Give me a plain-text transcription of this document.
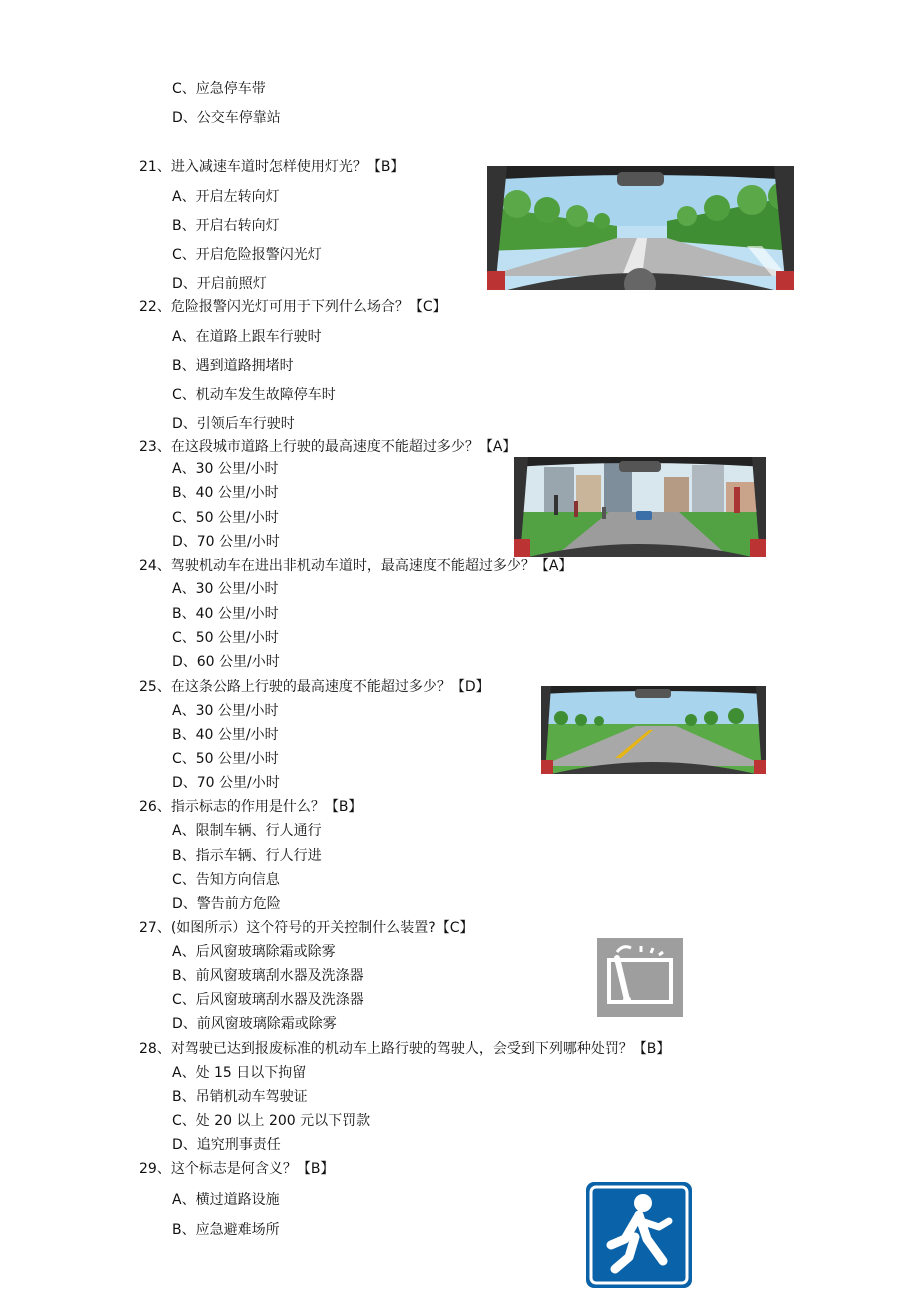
C、应急停车带
D、公交车停靠站
21、进入减速车道时怎样使用灯光？【B】
A、开启左转向灯
B、开启右转向灯
C、开启危险报警闪光灯
D、开启前照灯
22、危险报警闪光灯可用于下列什么场合？【C】
A、在道路上跟车行驶时
B、遇到道路拥堵时
C、机动车发生故障停车时
D、引领后车行驶时
23、在这段城市道路上行驶的最高速度不能超过多少？【A】
A、30 公里/小时
B、40 公里/小时
C、50 公里/小时
D、70 公里/小时
24、驾驶机动车在进出非机动车道时，最高速度不能超过多少？【A】
A、30 公里/小时
B、40 公里/小时
C、50 公里/小时
D、60 公里/小时
25、在这条公路上行驶的最高速度不能超过多少？【D】
A、30 公里/小时
B、40 公里/小时
C、50 公里/小时
D、70 公里/小时
26、指示标志的作用是什么？【B】
A、限制车辆、行人通行
B、指示车辆、行人行进
C、告知方向信息
D、警告前方危险
27、(如图所示）这个符号的开关控制什么装置?【C】
A、后风窗玻璃除霜或除雾
B、前风窗玻璃刮水器及洗涤器
C、后风窗玻璃刮水器及洗涤器
D、前风窗玻璃除霜或除雾
28、对驾驶已达到报废标准的机动车上路行驶的驾驶人，会受到下列哪种处罚？【B】
A、处 15 日以下拘留
B、吊销机动车驾驶证
C、处 20 以上 200 元以下罚款
D、追究刑事责任
29、这个标志是何含义？【B】
A、横过道路设施
B、应急避难场所
